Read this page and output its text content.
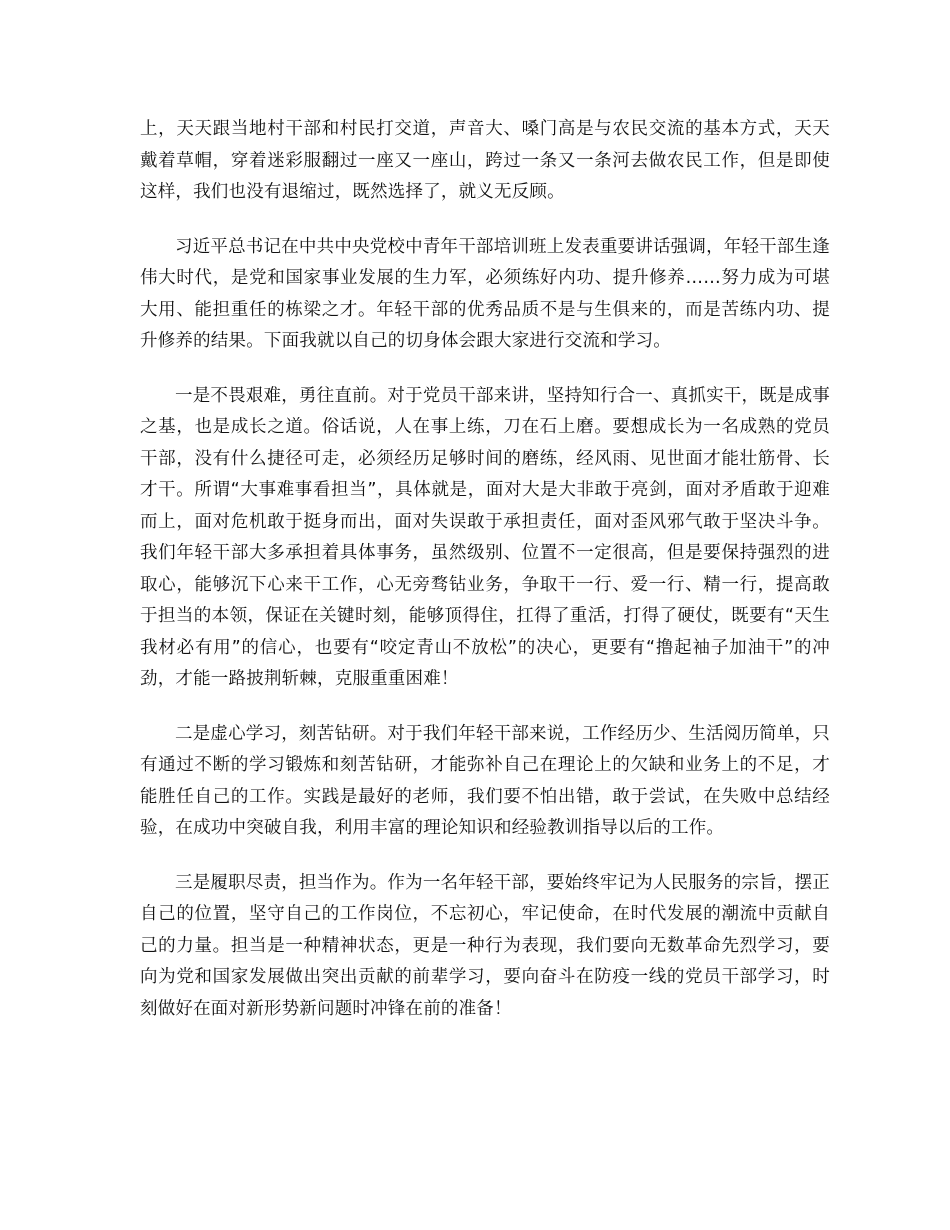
上，天天跟当地村干部和村民打交道，声音大、嗓门高是与农民交流的基本方式，天天戴着草帽，穿着迷彩服翻过一座又一座山，跨过一条又一条河去做农民工作，但是即使这样，我们也没有退缩过，既然选择了，就义无反顾。

习近平总书记在中共中央党校中青年干部培训班上发表重要讲话强调，年轻干部生逢伟大时代，是党和国家事业发展的生力军，必须练好内功、提升修养……努力成为可堪大用、能担重任的栋梁之才。年轻干部的优秀品质不是与生俱来的，而是苦练内功、提升修养的结果。下面我就以自己的切身体会跟大家进行交流和学习。

一是不畏艰难，勇往直前。对于党员干部来讲，坚持知行合一、真抓实干，既是成事之基，也是成长之道。俗话说，人在事上练，刀在石上磨。要想成长为一名成熟的党员干部，没有什么捷径可走，必须经历足够时间的磨练，经风雨、见世面才能壮筋骨、长才干。所谓“大事难事看担当”，具体就是，面对大是大非敢于亮剑，面对矛盾敢于迎难而上，面对危机敢于挺身而出，面对失误敢于承担责任，面对歪风邪气敢于坚决斗争。我们年轻干部大多承担着具体事务，虽然级别、位置不一定很高，但是要保持强烈的进取心，能够沉下心来干工作，心无旁骛钻业务，争取干一行、爱一行、精一行，提高敢于担当的本领，保证在关键时刻，能够顶得住，扛得了重活，打得了硬仗，既要有“天生我材必有用”的信心，也要有“咬定青山不放松”的决心，更要有“撸起袖子加油干”的冲劲，才能一路披荆斩棘，克服重重困难！

二是虚心学习，刻苦钻研。对于我们年轻干部来说，工作经历少、生活阅历简单，只有通过不断的学习锻炼和刻苦钻研，才能弥补自己在理论上的欠缺和业务上的不足，才能胜任自己的工作。实践是最好的老师，我们要不怕出错，敢于尝试，在失败中总结经验，在成功中突破自我，利用丰富的理论知识和经验教训指导以后的工作。

三是履职尽责，担当作为。作为一名年轻干部，要始终牢记为人民服务的宗旨，摆正自己的位置，坚守自己的工作岗位，不忘初心，牢记使命，在时代发展的潮流中贡献自己的力量。担当是一种精神状态，更是一种行为表现，我们要向无数革命先烈学习，要向为党和国家发展做出突出贡献的前辈学习，要向奋斗在防疫一线的党员干部学习，时刻做好在面对新形势新问题时冲锋在前的准备！
